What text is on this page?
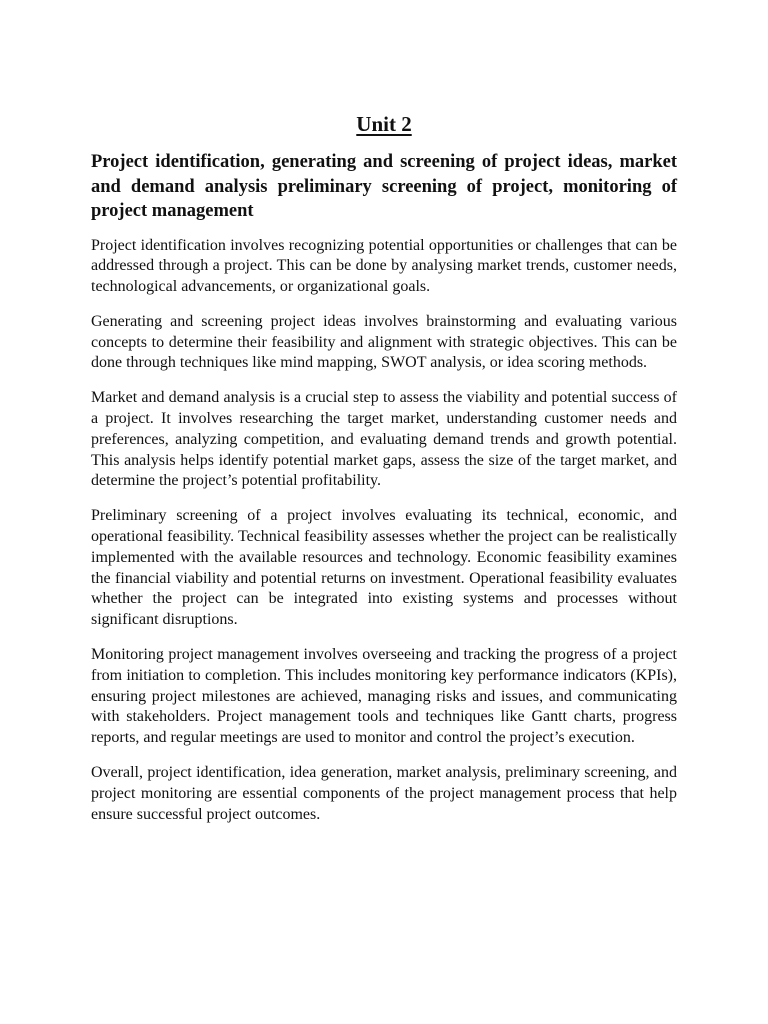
Unit 2

Project identification, generating and screening of project ideas, market and demand analysis preliminary screening of project, monitoring of project management

Project identification involves recognizing potential opportunities or challenges that can be addressed through a project. This can be done by analysing market trends, customer needs, technological advancements, or organizational goals.

Generating and screening project ideas involves brainstorming and evaluating various concepts to determine their feasibility and alignment with strategic objectives. This can be done through techniques like mind mapping, SWOT analysis, or idea scoring methods.

Market and demand analysis is a crucial step to assess the viability and potential success of a project. It involves researching the target market, understanding customer needs and preferences, analyzing competition, and evaluating demand trends and growth potential. This analysis helps identify potential market gaps, assess the size of the target market, and determine the project’s potential profitability.

Preliminary screening of a project involves evaluating its technical, economic, and operational feasibility. Technical feasibility assesses whether the project can be realistically implemented with the available resources and technology. Economic feasibility examines the financial viability and potential returns on investment. Operational feasibility evaluates whether the project can be integrated into existing systems and processes without significant disruptions.

Monitoring project management involves overseeing and tracking the progress of a project from initiation to completion. This includes monitoring key performance indicators (KPIs), ensuring project milestones are achieved, managing risks and issues, and communicating with stakeholders. Project management tools and techniques like Gantt charts, progress reports, and regular meetings are used to monitor and control the project’s execution.

Overall, project identification, idea generation, market analysis, preliminary screening, and project monitoring are essential components of the project management process that help ensure successful project outcomes.
